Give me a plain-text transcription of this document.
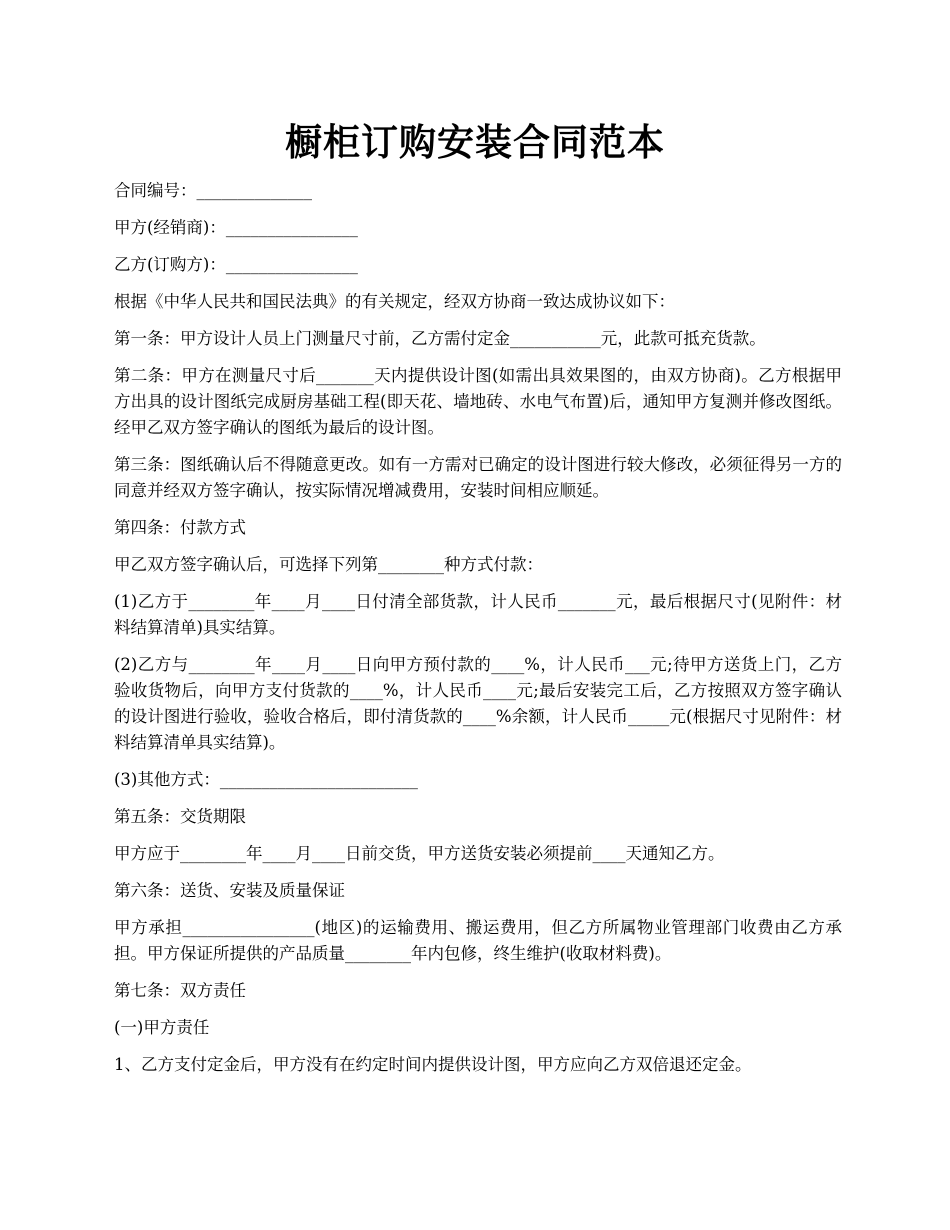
橱柜订购安装合同范本

合同编号：______________

甲方(经销商)：________________

乙方(订购方)：________________

根据《中华人民共和国民法典》的有关规定，经双方协商一致达成协议如下：

第一条：甲方设计人员上门测量尺寸前，乙方需付定金___________元，此款可抵充货款。

第二条：甲方在测量尺寸后_______天内提供设计图(如需出具效果图的，由双方协商)。乙方根据甲方出具的设计图纸完成厨房基础工程(即天花、墙地砖、水电气布置)后，通知甲方复测并修改图纸。经甲乙双方签字确认的图纸为最后的设计图。

第三条：图纸确认后不得随意更改。如有一方需对已确定的设计图进行较大修改，必须征得另一方的同意并经双方签字确认，按实际情况增减费用，安装时间相应顺延。

第四条：付款方式

甲乙双方签字确认后，可选择下列第________种方式付款：

(1)乙方于________年____月____日付清全部货款，计人民币_______元，最后根据尺寸(见附件：材料结算清单)具实结算。

(2)乙方与________年____月____日向甲方预付款的____%，计人民币___元;待甲方送货上门，乙方验收货物后，向甲方支付货款的____%，计人民币____元;最后安装完工后，乙方按照双方签字确认的设计图进行验收，验收合格后，即付清货款的____%余额，计人民币_____元(根据尺寸见附件：材料结算清单具实结算)。

(3)其他方式：________________________

第五条：交货期限

甲方应于________年____月____日前交货，甲方送货安装必须提前____天通知乙方。

第六条：送货、安装及质量保证

甲方承担________________(地区)的运输费用、搬运费用，但乙方所属物业管理部门收费由乙方承担。甲方保证所提供的产品质量________年内包修，终生维护(收取材料费)。

第七条：双方责任

(一)甲方责任

1、乙方支付定金后，甲方没有在约定时间内提供设计图，甲方应向乙方双倍退还定金。
